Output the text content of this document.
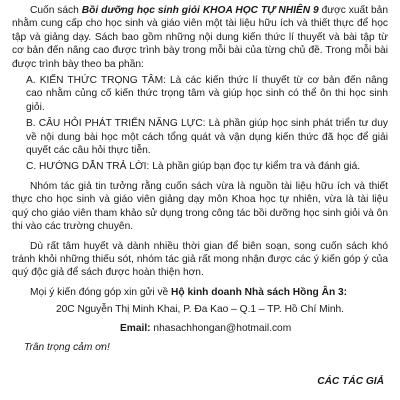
Cuốn sách Bồi dưỡng học sinh giỏi KHOA HỌC TỰ NHIÊN 9 được xuất bản nhằm cung cấp cho học sinh và giáo viên một tài liệu hữu ích và thiết thực để học tập và giảng dạy. Sách bao gồm những nội dung kiến thức lí thuyết và bài tập từ cơ bản đến nâng cao được trình bày trong mỗi bài của từng chủ đề. Trong mỗi bài được trình bày theo ba phần:

A. KIẾN THỨC TRỌNG TÂM: Là các kiến thức lí thuyết từ cơ bản đến nâng cao nhằm củng cố kiến thức trọng tâm và giúp học sinh có thể ôn thi học sinh giỏi.

B. CÂU HỎI PHÁT TRIỂN NĂNG LỰC: Là phần giúp học sinh phát triển tư duy về nội dung bài học một cách tổng quát và vận dụng kiến thức đã học để giải quyết các câu hỏi thực tiễn.

C. HƯỚNG DẪN TRẢ LỜI: Là phần giúp bạn đọc tự kiểm tra và đánh giá.

Nhóm tác giả tin tưởng rằng cuốn sách vừa là nguồn tài liệu hữu ích và thiết thực cho học sinh và giáo viên giảng dạy môn Khoa học tự nhiên, vừa là tài liệu quý cho giáo viên tham khảo sử dụng trong công tác bồi dưỡng học sinh giỏi và ôn thi vào các trường chuyên.

Dù rất tâm huyết và dành nhiều thời gian để biên soạn, song cuốn sách khó tránh khỏi những thiếu sót, nhóm tác giả rất mong nhận được các ý kiến góp ý của quý độc giả để sách được hoàn thiện hơn.

Mọi ý kiến đóng góp xin gửi về Hộ kinh doanh Nhà sách Hồng Ân 3:

20C Nguyễn Thị Minh Khai, P. Đa Kao – Q.1 – TP. Hồ Chí Minh.

Email: nhasachhongan@hotmail.com

Trân trọng cảm ơn!

CÁC TÁC GIẢ
